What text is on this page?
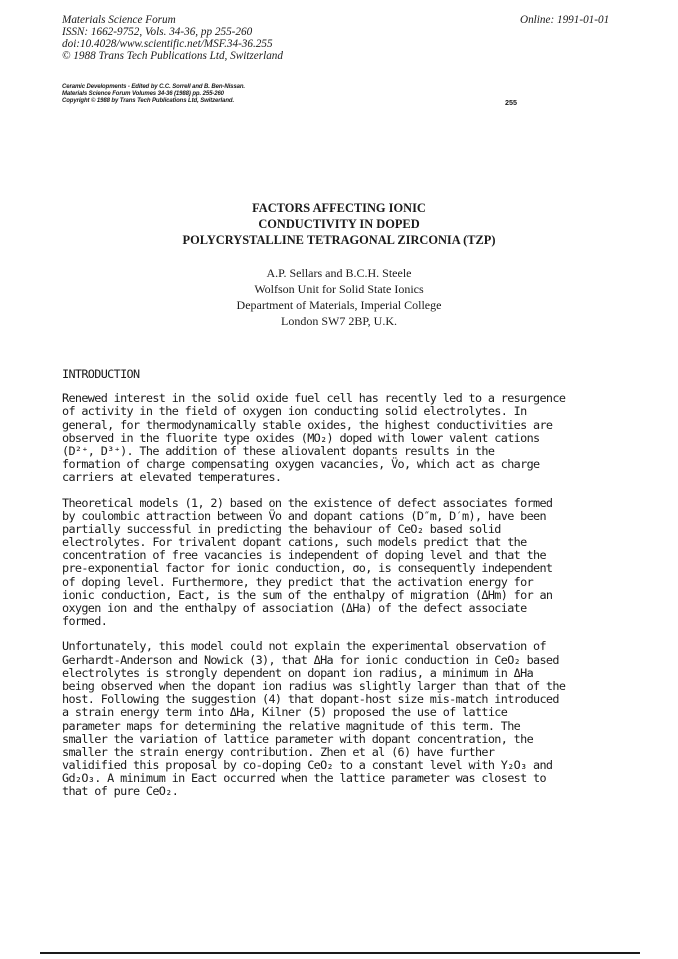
Materials Science Forum
ISSN: 1662-9752, Vols. 34-36, pp 255-260
doi:10.4028/www.scientific.net/MSF.34-36.255
© 1988 Trans Tech Publications Ltd, Switzerland
Online: 1991-01-01
Ceramic Developments - Edited by C.C. Sorrell and B. Ben-Nissan.
Materials Science Forum Volumes 34-36 (1988) pp. 255-260
Copyright © 1988 by Trans Tech Publications Ltd, Switzerland.	255
FACTORS AFFECTING IONIC
CONDUCTIVITY IN DOPED
POLYCRYSTALLINE TETRAGONAL ZIRCONIA (TZP)
A.P. Sellars and B.C.H. Steele
Wolfson Unit for Solid State Ionics
Department of Materials, Imperial College
London SW7 2BP, U.K.
INTRODUCTION
Renewed interest in the solid oxide fuel cell has recently led to a resurgence
of activity in the field of oxygen ion conducting solid electrolytes. In
general, for thermodynamically stable oxides, the highest conductivities are
observed in the fluorite type oxides (MO₂) doped with lower valent cations
(D²⁺, D³⁺). The addition of these aliovalent dopants results in the
formation of charge compensating oxygen vacancies, V̈o, which act as charge
carriers at elevated temperatures.
Theoretical models (1, 2) based on the existence of defect associates formed
by coulombic attraction between V̈o and dopant cations (D″m, D′m), have been
partially successful in predicting the behaviour of CeO₂ based solid
electrolytes. For trivalent dopant cations, such models predict that the
concentration of free vacancies is independent of doping level and that the
pre-exponential factor for ionic conduction, σo, is consequently independent
of doping level. Furthermore, they predict that the activation energy for
ionic conduction, Eact, is the sum of the enthalpy of migration (ΔHm) for an
oxygen ion and the enthalpy of association (ΔHa) of the defect associate
formed.
Unfortunately, this model could not explain the experimental observation of
Gerhardt-Anderson and Nowick (3), that ΔHa for ionic conduction in CeO₂ based
electrolytes is strongly dependent on dopant ion radius, a minimum in ΔHa
being observed when the dopant ion radius was slightly larger than that of the
host. Following the suggestion (4) that dopant-host size mis-match introduced
a strain energy term into ΔHa, Kilner (5) proposed the use of lattice
parameter maps for determining the relative magnitude of this term. The
smaller the variation of lattice parameter with dopant concentration, the
smaller the strain energy contribution. Zhen et al (6) have further
validified this proposal by co-doping CeO₂ to a constant level with Y₂O₃ and
Gd₂O₃. A minimum in Eact occurred when the lattice parameter was closest to
that of pure CeO₂.
